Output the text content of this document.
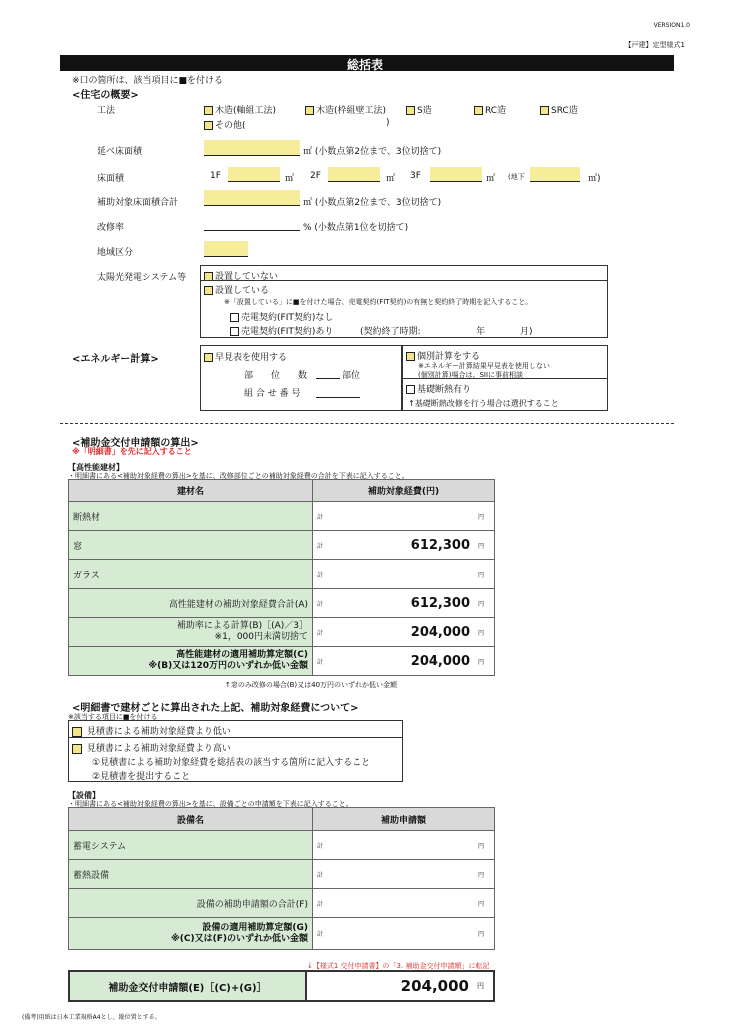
VERSION1.0
【戸建】定型様式1
総括表
※口の箇所は、該当項目に■を付ける
<住宅の概要>
工法	木造(軸組工法)	木造(枠組壁工法)	S造	RC造	SRC造
その他(	)
延べ床面積	㎡ (小数点第2位まで、3位切捨て)
床面積	1F	㎡ 2F	㎡ 3F	㎡ (地下	㎡)
補助対象床面積合計	㎡ (小数点第2位まで、3位切捨て)
改修率	% (小数点第1位を切捨て)
地域区分
太陽光発電システム等	設置していない
設置している
※「設置している」に■を付けた場合、売電契約(FIT契約)の有無と契約終了時期を記入すること。
売電契約(FIT契約)なし
売電契約(FIT契約)あり	(契約終了時期:	年	月)
<エネルギー計算>	早見表を使用する
部　　位　　数	部位
組 合 せ 番 号
個別計算をする
※エネルギー計算結果早見表を使用しない
(個別計算)場合は、SIIに事前相談
基礎断熱有り
↑基礎断熱改修を行う場合は選択すること
<補助金交付申請額の算出>
※「明細書」を先に記入すること
【高性能建材】
・明細書にある<補助対象経費の算出>を基に、改修部位ごとの補助対象経費の合計を下表に記入すること。
建材名	補助対象経費(円)		
断熱材	計		円
窓	計	612,300	円
ガラス	計		円
高性能建材の補助対象経費合計(A)	計	612,300	円
補助率による計算(B)［(A)／3］
※1，000円未満切捨て	計	204,000	円
高性能建材の適用補助算定額(C)
※(B)又は120万円のいずれか低い金額	計	204,000	円
↑窓のみ改修の場合(B)又は40万円のいずれか低い金額
<明細書で建材ごとに算出された上記、補助対象経費について>
※該当する項目に■を付ける
見積書による補助対象経費より低い
見積書による補助対象経費より高い
①見積書による補助対象経費を総括表の該当する箇所に記入すること
②見積書を提出すること
【設備】
・明細書にある<補助対象経費の算出>を基に、設備ごとの申請額を下表に記入すること。
設備名	補助申請額		
蓄電システム	計		円
蓄熱設備	計		円
設備の補助申請額の合計(F)	計		円
設備の適用補助算定額(G)
※(C)又は(F)のいずれか低い金額	計		円
↓【様式1 交付申請書】の「3. 補助金交付申請額」に転記
補助金交付申請額(E)［(C)+(G)］	204,000	円
(備考)用紙は日本工業規格A4とし、縦位置とする。
